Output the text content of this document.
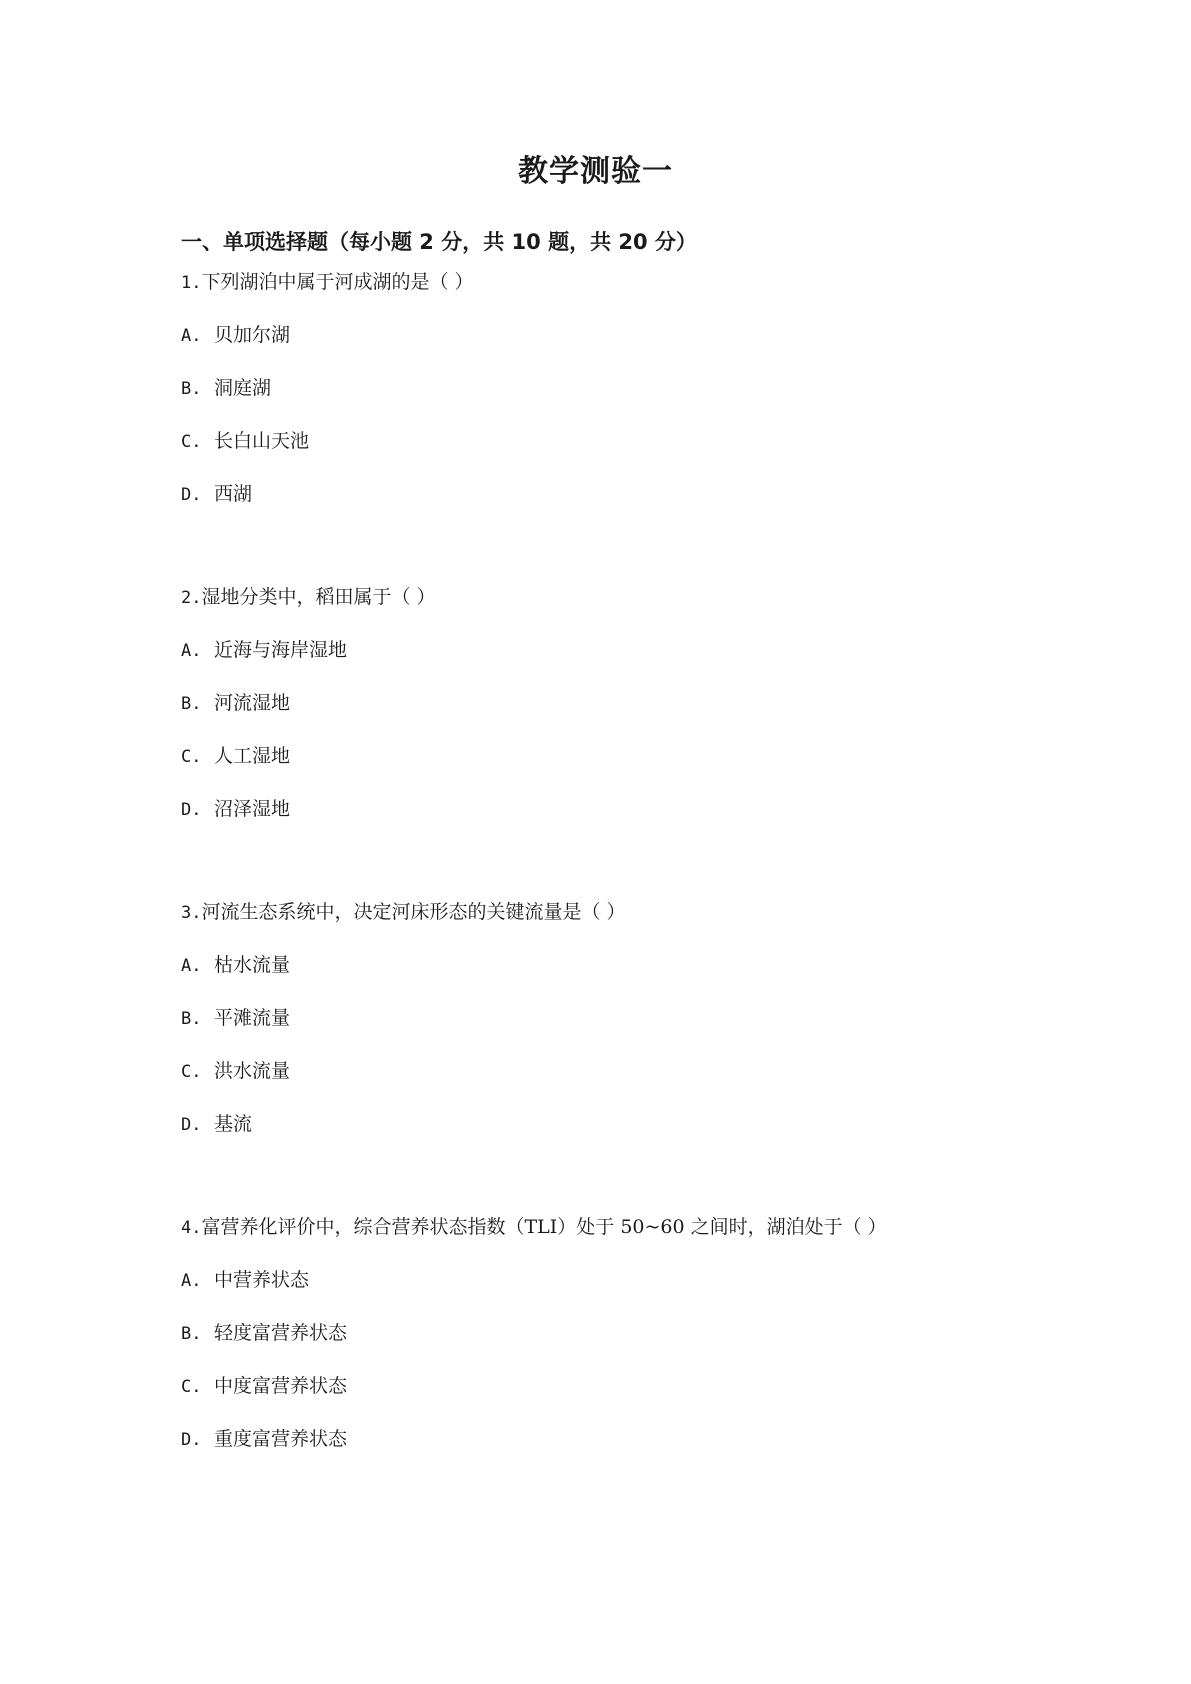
教学测验一
一、单项选择题（每小题 2 分，共 10 题，共 20 分）
1.下列湖泊中属于河成湖的是（ ）
A. 贝加尔湖
B. 洞庭湖
C. 长白山天池
D. 西湖
2.湿地分类中，稻田属于（ ）
A. 近海与海岸湿地
B. 河流湿地
C. 人工湿地
D. 沼泽湿地
3.河流生态系统中，决定河床形态的关键流量是（ ）
A. 枯水流量
B. 平滩流量
C. 洪水流量
D. 基流
4.富营养化评价中，综合营养状态指数（TLI）处于 50~60 之间时，湖泊处于（ ）
A. 中营养状态
B. 轻度富营养状态
C. 中度富营养状态
D. 重度富营养状态
